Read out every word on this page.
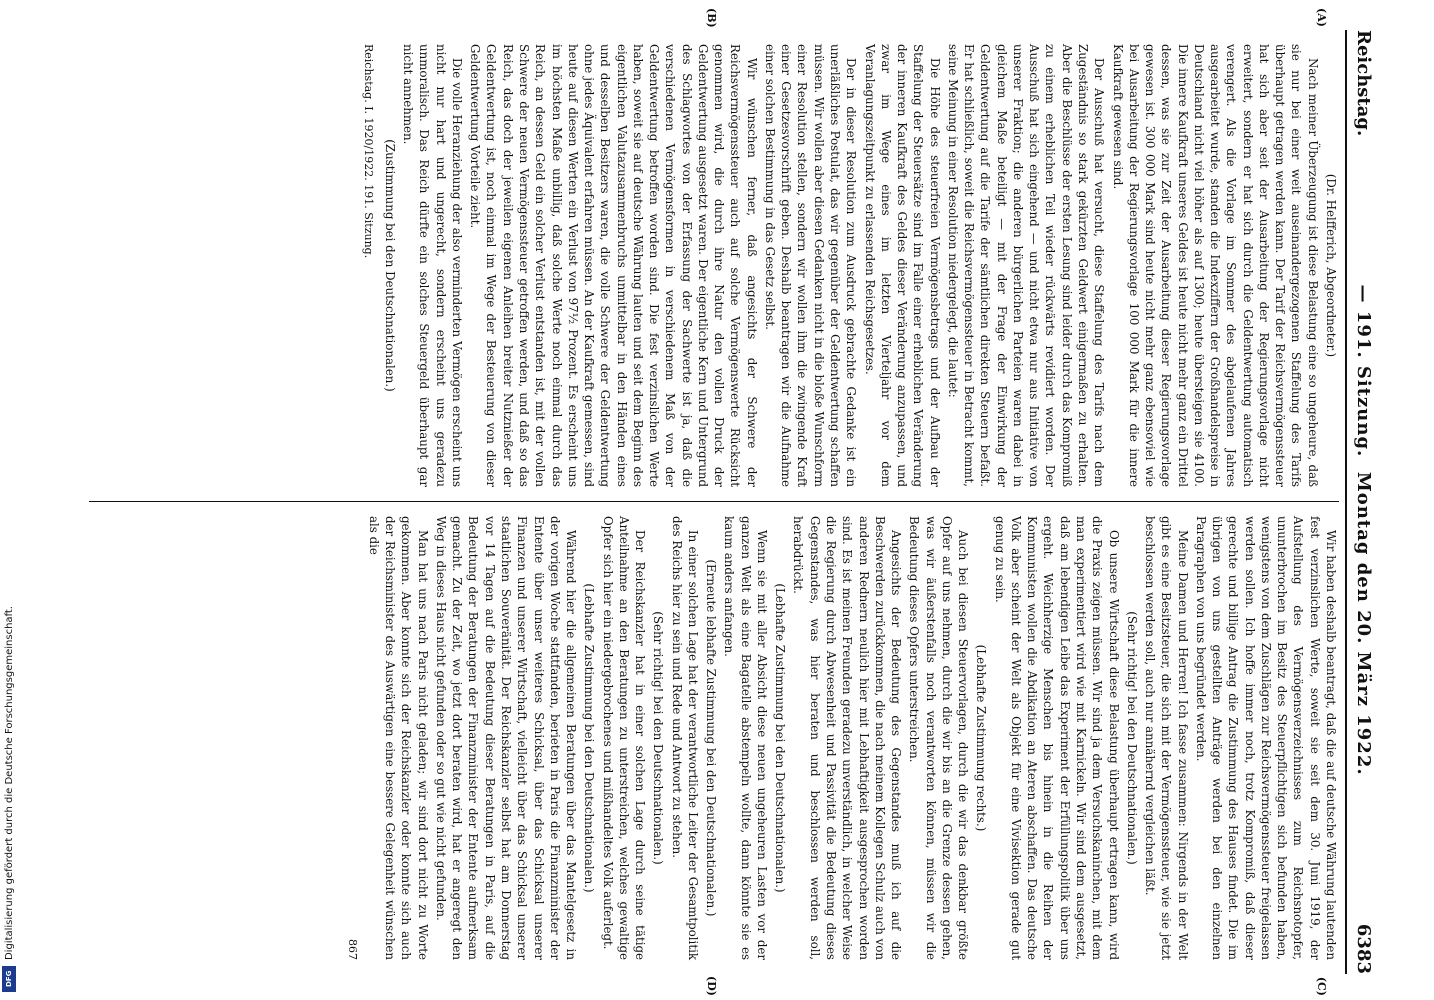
Reichstag.
— 191. Sitzung.  Montag den 20. März 1922.
6383
(A)
(B)

(Dr. Helfferich, Abgeordneter.)

Nach meiner Überzeugung ist diese Belastung eine so ungeheure, daß sie nur bei einer weit auseinandergezogenen Staffelung des Tarifs überhaupt getragen werden kann. Der Tarif der Reichsvermögenssteuer hat sich aber seit der Ausarbeitung der Regierungsvorlage nicht erweitert, sondern er hat sich durch die Geldentwertung automatisch verengert. Als die Vorlage im Sommer des abgelaufenen Jahres ausgearbeitet wurde, standen die Indexziffern der Großhandelspreise in Deutschland nicht viel höher als auf 1300; heute übersteigen sie 4100. Die innere Kaufkraft unseres Geldes ist heute nicht mehr ganz ein Drittel dessen, was sie zur Zeit der Ausarbeitung dieser Regierungsvorlage gewesen ist. 300 000 Mark sind heute nicht mehr ganz ebensoviel wie bei Ausarbeitung der Regierungsvorlage 100 000 Mark für die innere Kaufkraft gewesen sind.

Der Ausschuß hat versucht, diese Staffelung des Tarifs nach dem Zugeständnis so stark gekürzten Geldwert einigermaßen zu erhalten. Aber die Beschlüsse der ersten Lesung sind leider durch das Kompromiß zu einem erheblichen Teil wieder rückwärts revidiert worden. Der Ausschuß hat sich eingehend — und nicht etwa nur aus Initiative von unserer Fraktion; die anderen bürgerlichen Parteien waren dabei in gleichem Maße beteiligt — mit der Frage der Einwirkung der Geldentwertung auf die Tarife der sämtlichen direkten Steuern befaßt. Er hat schließlich, soweit die Reichsvermögenssteuer in Betracht kommt, seine Meinung in einer Resolution niedergelegt, die lautet:

Die Höhe des steuerfreien Vermögensbetrags und der Aufbau der Staffelung der Steuersätze sind im Falle einer erheblichen Veränderung der inneren Kaufkraft des Geldes dieser Veränderung anzupassen, und zwar im Wege eines im letzten Vierteljahr vor dem Veranlagungszeitpunkt zu erlassenden Reichsgesetzes.

Der in dieser Resolution zum Ausdruck gebrachte Gedanke ist ein unerläßliches Postulat, das wir gegenüber der Geldentwertung schaffen müssen. Wir wollen aber diesen Gedanken nicht in die bloße Wunschform einer Resolution stellen, sondern wir wollen ihm die zwingende Kraft einer Gesetzesvorschrift geben. Deshalb beantragen wir die Aufnahme einer solchen Bestimmung in das Gesetz selbst.

Wir wünschen ferner, daß angesichts der Schwere der Reichsvermögenssteuer auch auf solche Vermögenswerte Rücksicht genommen wird, die durch ihre Natur den vollen Druck der Geldentwertung ausgesetzt waren. Der eigentliche Kern und Untergrund des Schlagwortes von der Erfassung der Sachwerte ist ja, daß die verschiedenen Vermögensformen in verschiedenem Maß von der Geldentwertung betroffen worden sind. Die fest verzinslichen Werte haben, soweit sie auf deutsche Währung lauten und seit dem Beginn des eigentlichen Valutazusammenbruchs unmittelbar in den Händen eines und desselben Besitzers waren, die volle Schwere der Geldentwertung ohne jedes Äquivalent erfahren müssen. An der Kaufkraft gemessen, sind heute auf diesen Werten ein Verlust von 97½ Prozent. Es erscheint uns im höchsten Maße unbillig, daß solche Werte noch einmal durch das Reich, an dessen Geld ein solcher Verlust entstanden ist, mit der vollen Schwere der neuen Vermögenssteuer getroffen werden, und daß so das Reich, das doch der jeweilen eigenen Anleihen breiter Nutznießer der Geldentwertung ist, noch einmal im Wege der Besteuerung von dieser Geldentwertung Vorteile zieht.

Die volle Heranziehung der also verminderten Vermögen erscheint uns nicht nur hart und ungerecht, sondern erscheint uns geradezu unmoralisch. Das Reich dürfte ein solches Steuergeld überhaupt gar nicht annehmen.

(Zustimmung bei den Deutschnationalen.)

Reichstag. I. 1920/1922. 191. Sitzung.
(C)
(D)

Wir haben deshalb beantragt, daß die auf deutsche Währung lautenden fest verzinslichen Werte, soweit sie seit dem 30. Juni 1919, der Aufstellung des Vermögensverzeichnisses zum Reichsnotopfer, ununterbrochen im Besitz des Steuerpflichtigen sich befunden haben, wenigstens von dem Zuschlägen zur Reichsvermögenssteuer freigelassen werden sollen. Ich hoffe immer noch, trotz Kompromiß, daß dieser gerechte und billige Antrag die Zustimmung des Hauses findet. Die im übrigen von uns gestellten Anträge werden bei den einzelnen Paragraphen von uns begründet werden.

Meine Damen und Herren! Ich fasse zusammen: Nirgends in der Welt gibt es eine Besitzsteuer, die sich mit der Vermögenssteuer, wie sie jetzt beschlossen werden soll, auch nur annähernd vergleichen läßt.

(Sehr richtig! bei den Deutschnationalen.)

Ob unsere Wirtschaft diese Belastung überhaupt ertragen kann, wird die Praxis zeigen müssen. Wir sind ja dem Versuchskaninchen, mit dem man experimentiert wird wie mit Karnickeln. Wir sind dem ausgesetzt, daß am lebendigen Leibe das Experiment der Erfüllungspolitik über uns ergeht. Weichherzige Menschen bis hinein in die Reihen der Kommunisten wollen die Abdikation an Ateren abschaffen. Das deutsche Volk aber scheint der Welt als Objekt für eine Vivisektion gerade gut genug zu sein.

(Lebhafte Zustimmung rechts.)

Auch bei diesen Steuervorlagen, durch die wir das denkbar größte Opfer auf uns nehmen, durch die wir bis an die Grenze dessen gehen, was wir äußerstenfalls noch verantworten können, müssen wir die Bedeutung dieses Opfers unterstreichen.

Angesichts der Bedeutung des Gegenstandes muß ich auf die Beschwerden zurückkommen, die nach meinem Kollegen Schulz auch von anderen Rednern neulich hier mit Lebhaftigkeit ausgesprochen worden sind. Es ist meinen Freunden geradezu unverständlich, in welcher Weise die Regierung durch Abwesenheit und Passivität die Bedeutung dieses Gegenstandes, was hier beraten und beschlossen werden soll, herabdrückt.

(Lebhafte Zustimmung bei den Deutschnationalen.)

Wenn sie mit aller Absicht diese neuen ungeheuren Lasten vor der ganzen Welt als eine Bagatelle abstempeln wollte, dann könnte sie es kaum anders anfangen.

(Erneute lebhafte Zustimmung bei den Deutschnationalen.)

In einer solchen Lage hat der verantwortliche Leiter der Gesamtpolitik des Reichs hier zu sein und Rede und Antwort zu stehen.

(Sehr richtig! bei den Deutschnationalen.)

Der Reichskanzler hat in einer solchen Lage durch seine tätige Anteilnahme an den Beratungen zu unterstreichen, welches gewaltige Opfer sich hier ein niedergebrochenes und mißhandeltes Volk auferlegt.

(Lebhafte Zustimmung bei den Deutschnationalen.)

Während hier die allgemeinen Beratungen über das Mantelgesetz in der vorigen Woche stattfanden, berieten in Paris die Finanzminister der Entente über unser weiteres Schicksal, über das Schicksal unserer Finanzen und unserer Wirtschaft, vielleicht über das Schicksal unserer staatlichen Souveränität. Der Reichskanzler selbst hat am Donnerstag vor 14 Tagen auf die Bedeutung dieser Beratungen in Paris, auf die Bedeutung der Beratungen der Finanzminister der Entente aufmerksam gemacht. Zu der Zeit, wo jetzt dort beraten wird, hat er angeregt den Weg in dieses Haus nicht gefunden oder so gut wie nicht gefunden.

Man hat uns nach Paris nicht geladen; wir sind dort nicht zu Worte gekommen. Aber konnte sich der Reichskanzler oder konnte sich auch der Reichsminister des Auswärtigen eine bessere Gelegenheit wünschen als die

867
DFG
Digitalisierung gefördert durch die Deutsche Forschungsgemeinschaft.
